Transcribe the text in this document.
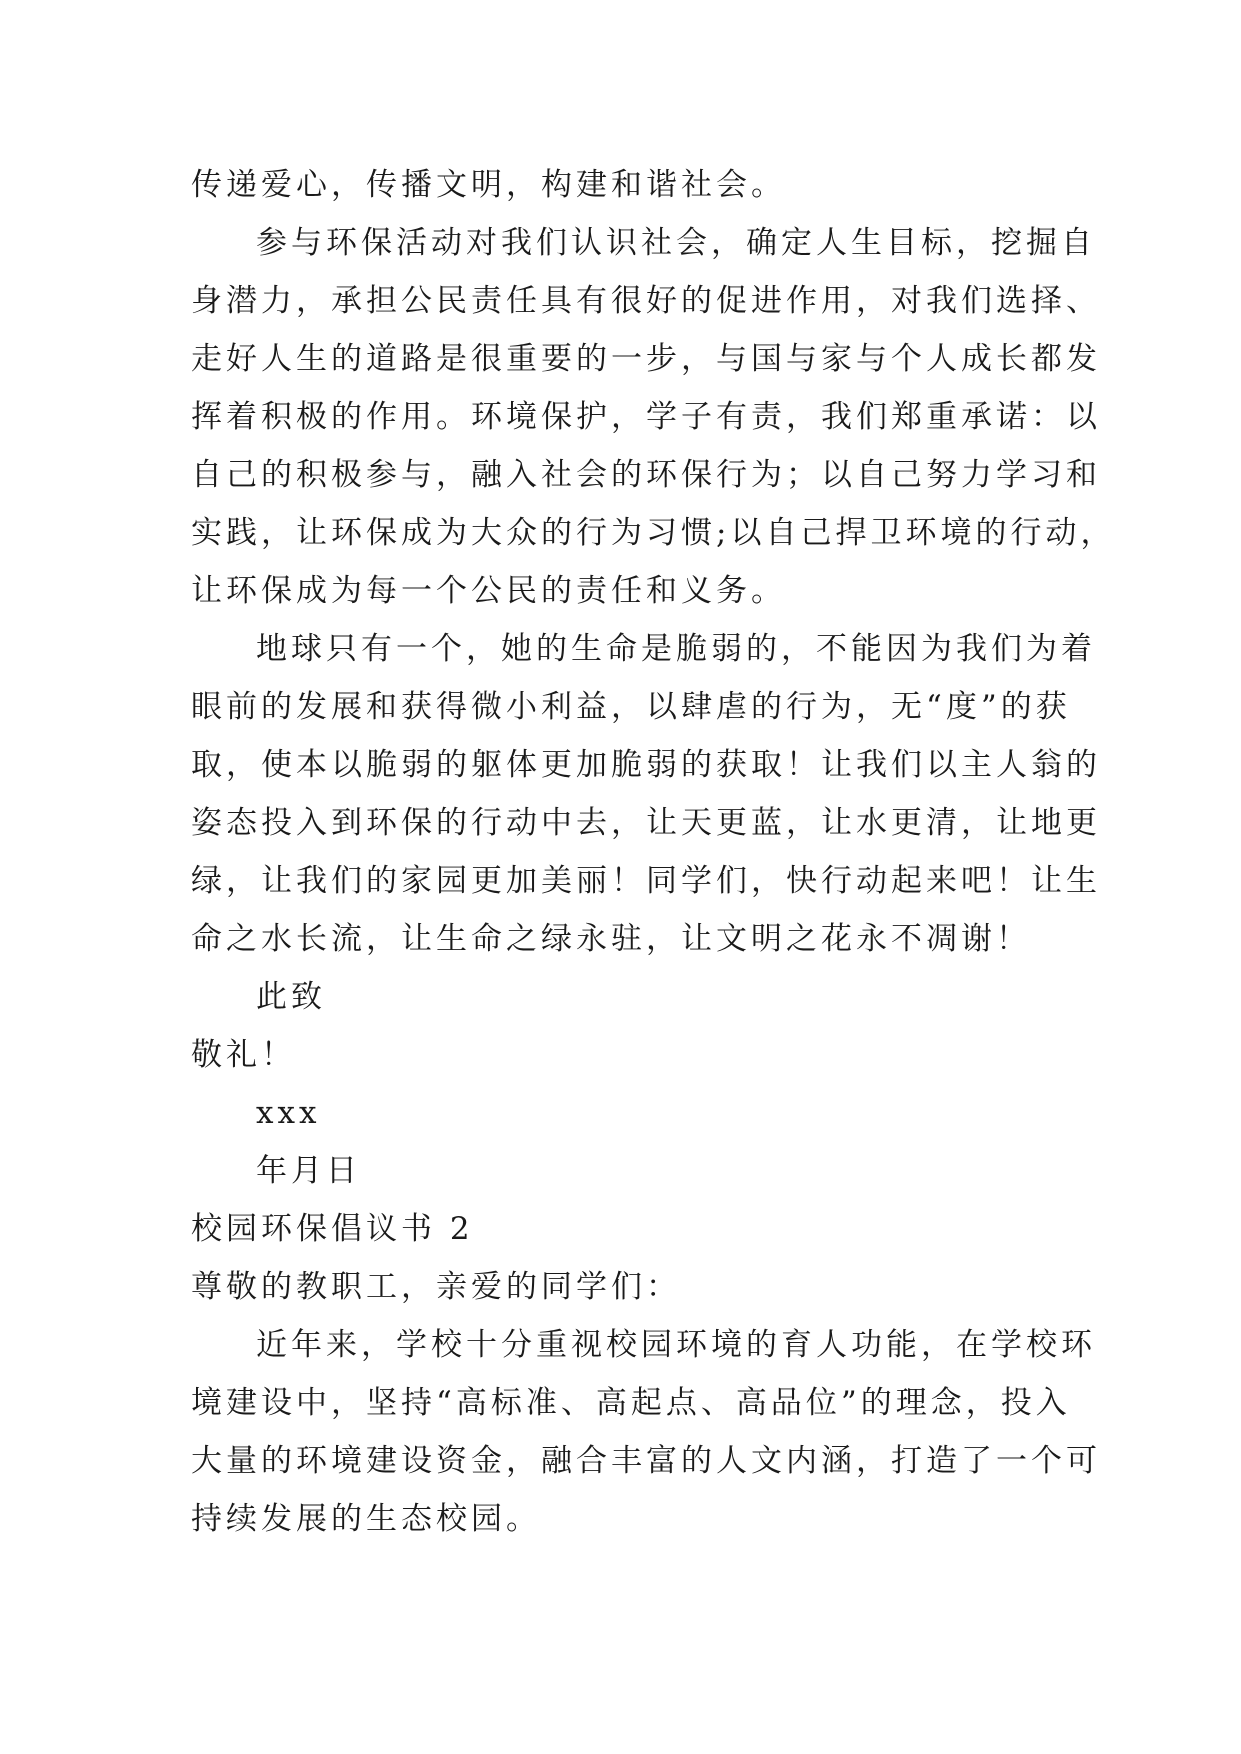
传递爱心，传播文明，构建和谐社会。
参与环保活动对我们认识社会，确定人生目标，挖掘自
身潜力，承担公民责任具有很好的促进作用，对我们选择、
走好人生的道路是很重要的一步，与国与家与个人成长都发
挥着积极的作用。环境保护，学子有责，我们郑重承诺：以
自己的积极参与，融入社会的环保行为；以自己努力学习和
实践，让环保成为大众的行为习惯;以自己捍卫环境的行动，
让环保成为每一个公民的责任和义务。
地球只有一个，她的生命是脆弱的，不能因为我们为着
眼前的发展和获得微小利益，以肆虐的行为，无“度”的获
取，使本以脆弱的躯体更加脆弱的获取！让我们以主人翁的
姿态投入到环保的行动中去，让天更蓝，让水更清，让地更
绿，让我们的家园更加美丽！同学们，快行动起来吧！让生
命之水长流，让生命之绿永驻，让文明之花永不凋谢！
此致
敬礼！
xxx
年月日
校园环保倡议书 2
尊敬的教职工，亲爱的同学们：
近年来，学校十分重视校园环境的育人功能，在学校环
境建设中，坚持“高标准、高起点、高品位”的理念，投入
大量的环境建设资金，融合丰富的人文内涵，打造了一个可
持续发展的生态校园。
